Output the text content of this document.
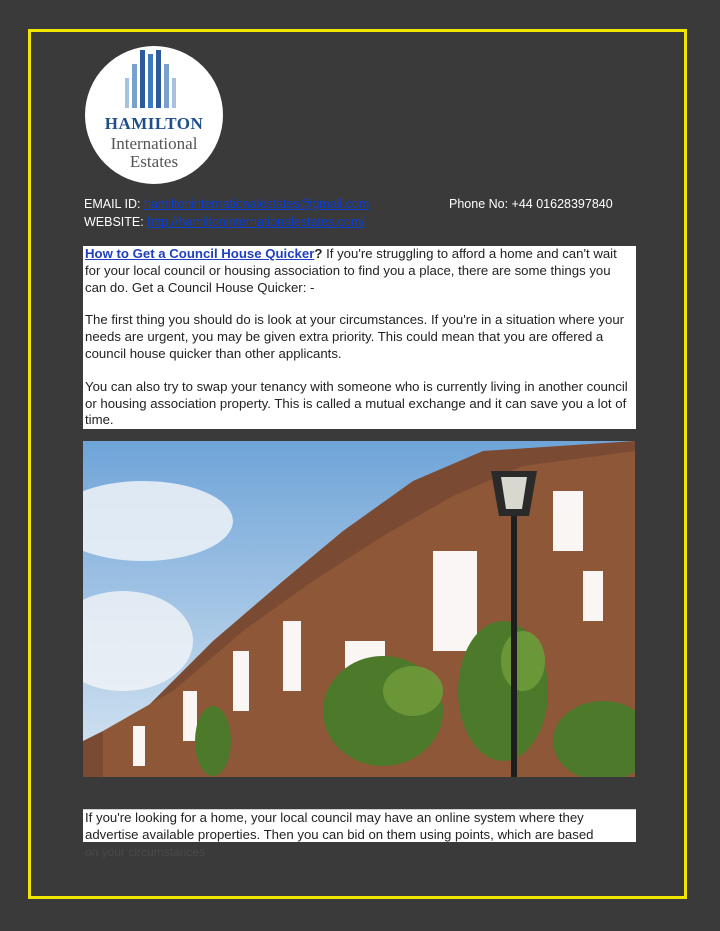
HAMILTON
International
Estates
EMAIL ID: hamiltoninternationalestates@gmail.com
WEBSITE: http://hamiltoninternationalestates.com/
Phone No: +44 01628397840

How to Get a Council House Quicker? If you're struggling to afford a home and can't wait for your local council or housing association to find you a place, there are some things you can do. Get a Council House Quicker: -

The first thing you should do is look at your circumstances. If you're in a situation where your needs are urgent, you may be given extra priority. This could mean that you are offered a council house quicker than other applicants.

You can also try to swap your tenancy with someone who is currently living in another council or housing association property. This is called a mutual exchange and it can save you a lot of time.

If you're looking for a home, your local council may have an online system where they advertise available properties. Then you can bid on them using points, which are based
on your circumstances
